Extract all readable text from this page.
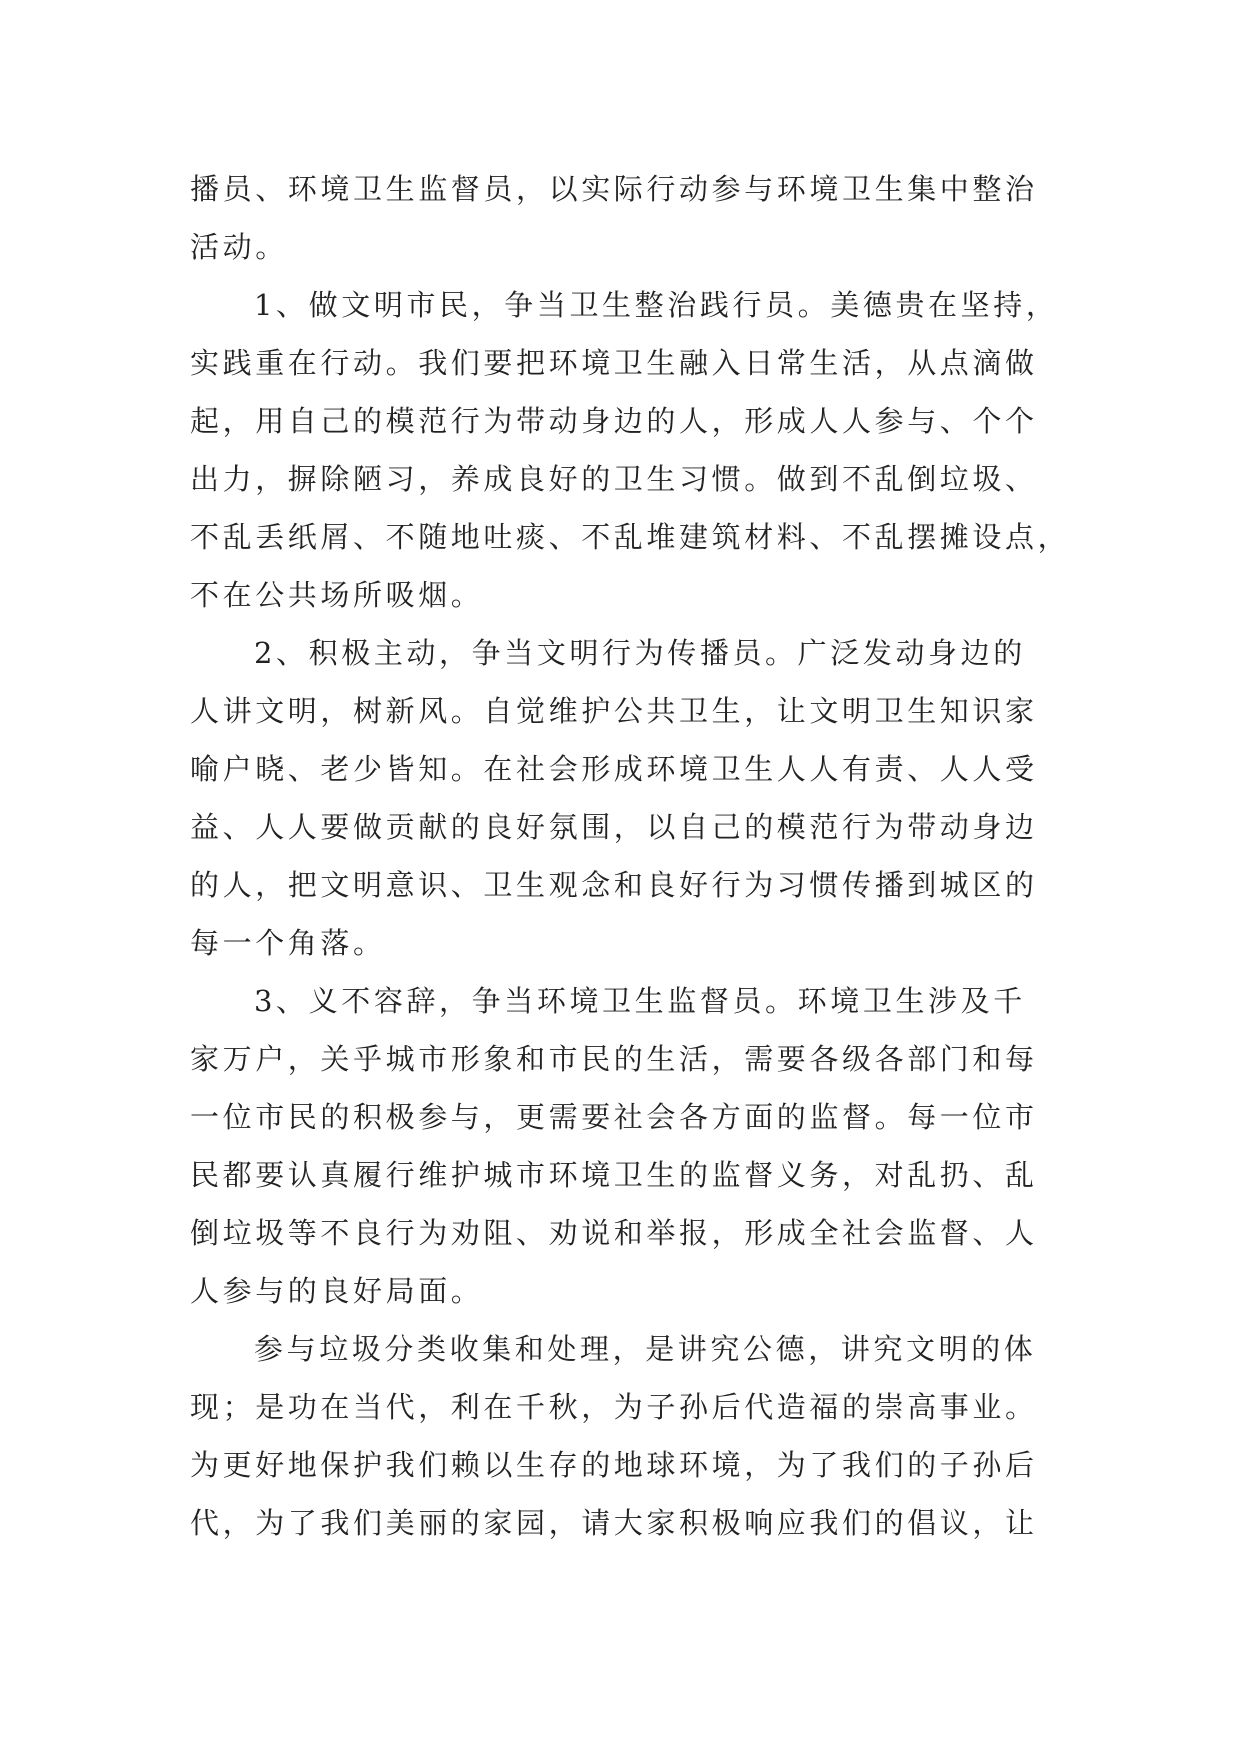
播员、环境卫生监督员，以实际行动参与环境卫生集中整治
活动。
1、做文明市民，争当卫生整治践行员。美德贵在坚持，
实践重在行动。我们要把环境卫生融入日常生活，从点滴做
起，用自己的模范行为带动身边的人，形成人人参与、个个
出力，摒除陋习，养成良好的卫生习惯。做到不乱倒垃圾、
不乱丢纸屑、不随地吐痰、不乱堆建筑材料、不乱摆摊设点，
不在公共场所吸烟。
2、积极主动，争当文明行为传播员。广泛发动身边的
人讲文明，树新风。自觉维护公共卫生，让文明卫生知识家
喻户晓、老少皆知。在社会形成环境卫生人人有责、人人受
益、人人要做贡献的良好氛围，以自己的模范行为带动身边
的人，把文明意识、卫生观念和良好行为习惯传播到城区的
每一个角落。
3、义不容辞，争当环境卫生监督员。环境卫生涉及千
家万户，关乎城市形象和市民的生活，需要各级各部门和每
一位市民的积极参与，更需要社会各方面的监督。每一位市
民都要认真履行维护城市环境卫生的监督义务，对乱扔、乱
倒垃圾等不良行为劝阻、劝说和举报，形成全社会监督、人
人参与的良好局面。
参与垃圾分类收集和处理，是讲究公德，讲究文明的体
现；是功在当代，利在千秋，为子孙后代造福的崇高事业。
为更好地保护我们赖以生存的地球环境，为了我们的子孙后
代，为了我们美丽的家园，请大家积极响应我们的倡议，让
